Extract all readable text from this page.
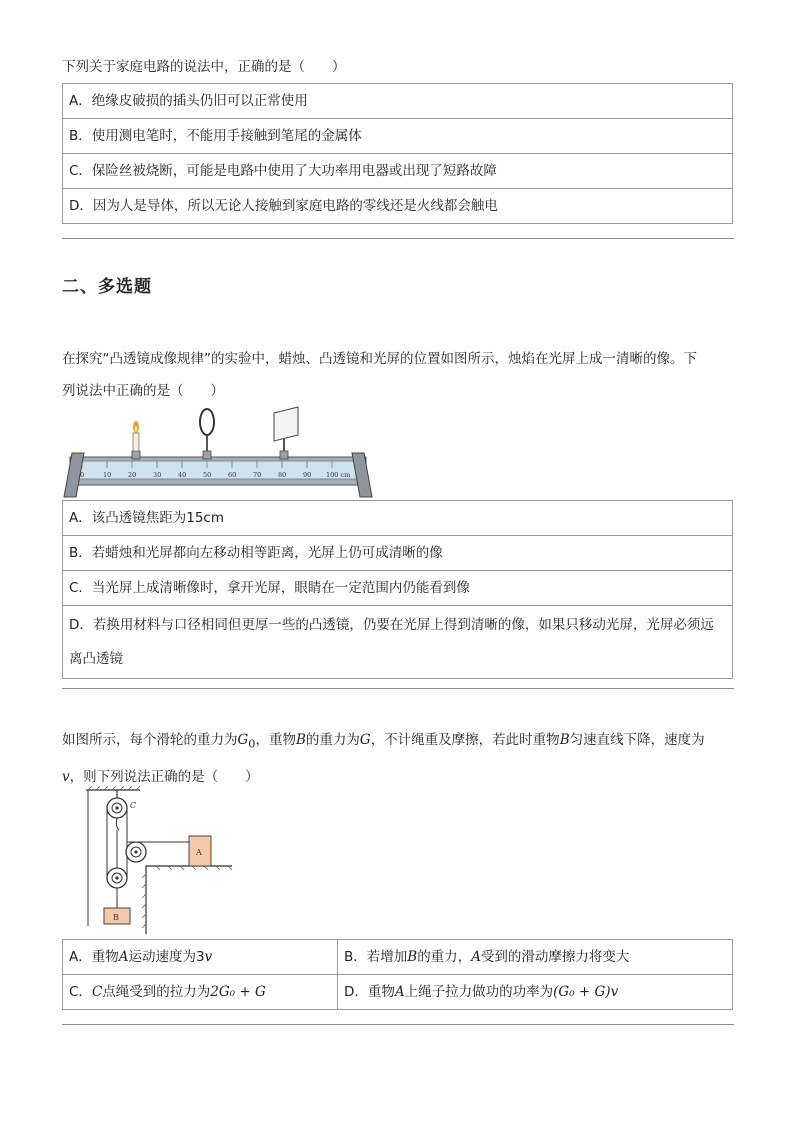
下列关于家庭电路的说法中，正确的是（　　）
A．绝缘皮破损的插头仍旧可以正常使用
B．使用测电笔时，不能用手接触到笔尾的金属体
C．保险丝被烧断，可能是电路中使用了大功率用电器或出现了短路故障
D．因为人是导体，所以无论人接触到家庭电路的零线还是火线都会触电
二、多选题
在探究“凸透镜成像规律”的实验中，蜡烛、凸透镜和光屏的位置如图所示，烛焰在光屏上成一清晰的像。下
列说法中正确的是（　　）
0	10	20	30	40	50	60	70	80	90 100 cm
A．该凸透镜焦距为15cm
B．若蜡烛和光屏都向左移动相等距离，光屏上仍可成清晰的像
C．当光屏上成清晰像时，拿开光屏，眼睛在一定范围内仍能看到像

D．若换用材料与口径相同但更厚一些的凸透镜，仍要在光屏上得到清晰的像，如果只移动光屏，光屏必须远
离凸透镜
如图所示，每个滑轮的重力为$G_0$，重物B的重力为G，不计绳重及摩擦，若此时重物B匀速直线下降，速度为
v，则下列说法正确的是（　　）
C
B
A
A．重物A运动速度为3v	B．若增加B的重力，A受到的滑动摩擦力将变大
C．C点绳受到的拉力为2G₀ + G	D．重物A上绳子拉力做功的功率为(G₀ + G)v
